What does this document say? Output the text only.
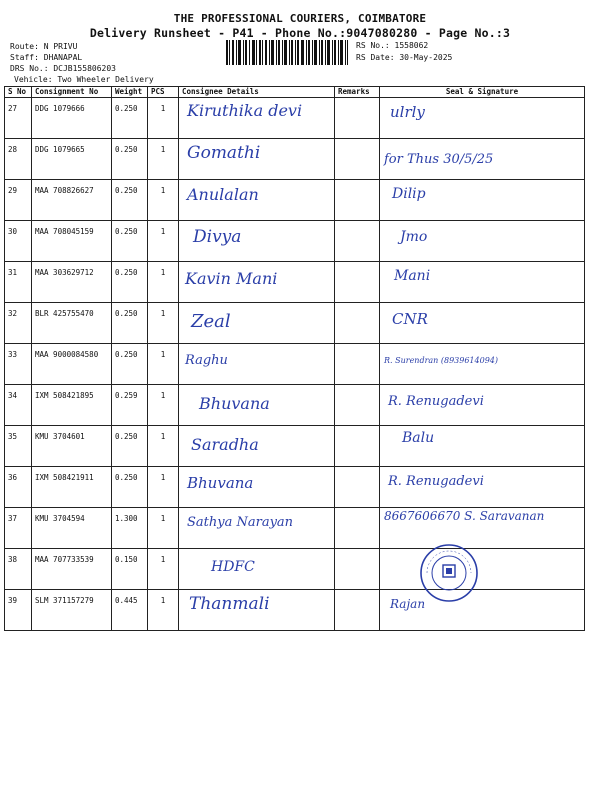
THE PROFESSIONAL COURIERS, COIMBATORE
Delivery Runsheet - P41 - Phone No.:9047080280 - Page No.:3
Route: N PRIVU
Staff: DHANAPAL
DRS No.: DCJB15580620З
Vehicle: Two Wheeler Delivery
RS No.: 1558062
RS Date: 30-May-2025
S No	Consignment No	Weight	PCS	Consignee Details	Remarks	Seal & Signature
27	DDG 1079666	0.250	1	Kiruthika devi		ulrly

28	DDG 1079665	0.250	1	Gomathi		for Thus 30/5/25

29	MAA 708826627	0.250	1	Anulalan		Dilip

30	MAA 708045159	0.250	1	Divya		Jmo

31	MAA 303629712	0.250	1	Kavin Mani		Mani

32	BLR 425755470	0.250	1	Zeal		CNR

33	MAA 9000084580	0.250	1	Raghu		R. Surendran (8939614094)

34	IXM 508421895	0.259	1	Bhuvana		R. Renugadevi

35	KMU 3704601	0.250	1	Saradha		Balu

36	IXM 508421911	0.250	1	Bhuvana		R. Renugadevi

37	KMU 3704594	1.300	1	Sathya Narayan		8667606670 S. Saravanan

38	MAA 707733539	0.150	1	HDFC		

39	SLM 371157279	0.445	1	Thanmali		Rajan
